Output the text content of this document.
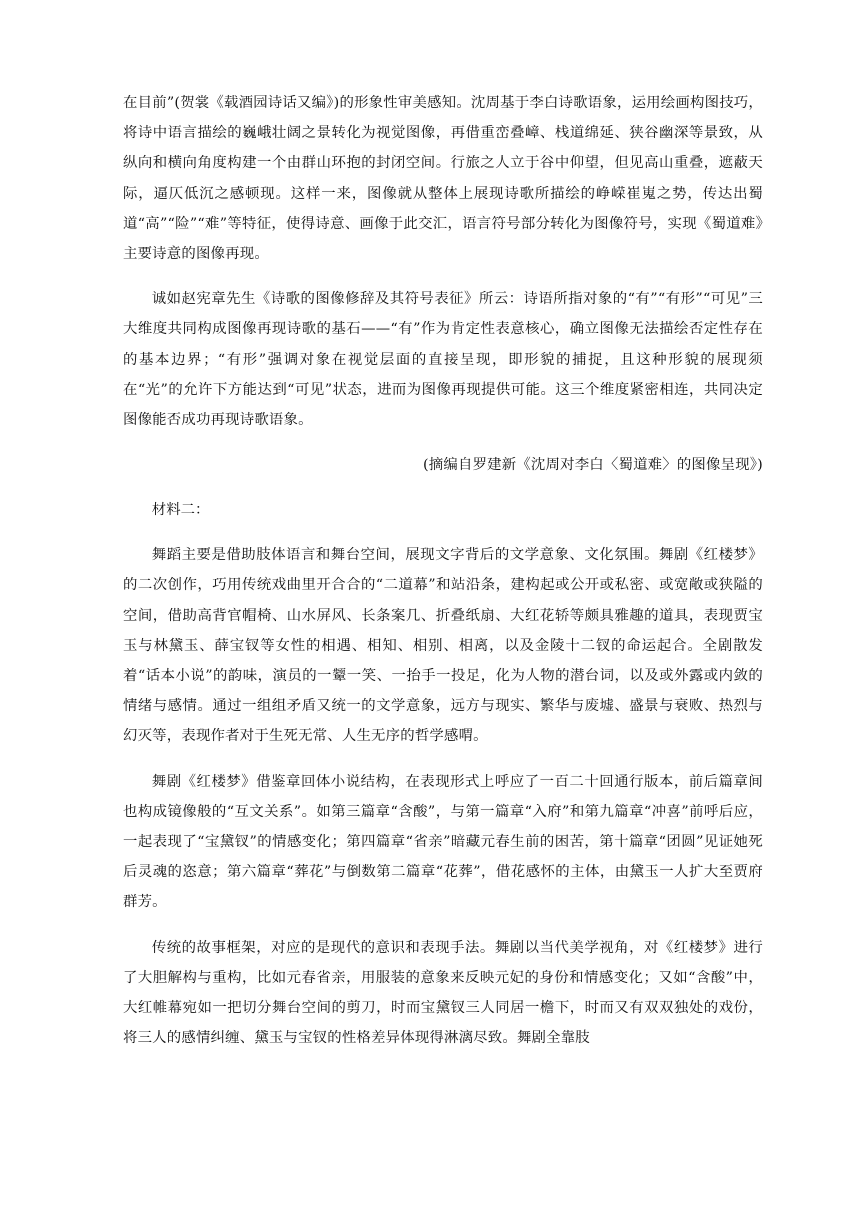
在目前”(贺裳《载酒园诗话又编》)的形象性审美感知。沈周基于李白诗歌语象，运用绘画构图技巧，将诗中语言描绘的巍峨壮阔之景转化为视觉图像，再借重峦叠嶂、栈道绵延、狭谷幽深等景致，从纵向和横向角度构建一个由群山环抱的封闭空间。行旅之人立于谷中仰望，但见高山重叠，遮蔽天际，逼仄低沉之感顿现。这样一来，图像就从整体上展现诗歌所描绘的峥嵘崔嵬之势，传达出蜀道“高”“险”“难”等特征，使得诗意、画像于此交汇，语言符号部分转化为图像符号，实现《蜀道难》主要诗意的图像再现。

诚如赵宪章先生《诗歌的图像修辞及其符号表征》所云：诗语所指对象的“有”“有形”“可见”三大维度共同构成图像再现诗歌的基石——“有”作为肯定性表意核心，确立图像无法描绘否定性存在的基本边界；“有形”强调对象在视觉层面的直接呈现，即形貌的捕捉，且这种形貌的展现须在“光”的允许下方能达到“可见”状态，进而为图像再现提供可能。这三个维度紧密相连，共同决定图像能否成功再现诗歌语象。

(摘编自罗建新《沈周对李白〈蜀道难〉的图像呈现》)

材料二：

舞蹈主要是借助肢体语言和舞台空间，展现文字背后的文学意象、文化氛围。舞剧《红楼梦》的二次创作，巧用传统戏曲里开合合的“二道幕”和站沿条，建构起或公开或私密、或宽敞或狭隘的空间，借助高背官帽椅、山水屏风、长条案几、折叠纸扇、大红花轿等颇具雅趣的道具，表现贾宝玉与林黛玉、薛宝钗等女性的相遇、相知、相别、相离，以及金陵十二钗的命运起合。全剧散发着“话本小说”的韵味，演员的一颦一笑、一抬手一投足，化为人物的潜台词，以及或外露或内敛的情绪与感情。通过一组组矛盾又统一的文学意象，远方与现实、繁华与废墟、盛景与衰败、热烈与幻灭等，表现作者对于生死无常、人生无序的哲学感喟。

舞剧《红楼梦》借鉴章回体小说结构，在表现形式上呼应了一百二十回通行版本，前后篇章间也构成镜像般的“互文关系”。如第三篇章“含酸”，与第一篇章“入府”和第九篇章“冲喜”前呼后应，一起表现了“宝黛钗”的情感变化；第四篇章“省亲”暗藏元春生前的困苦，第十篇章“团圆”见证她死后灵魂的恣意；第六篇章“葬花”与倒数第二篇章“花葬”，借花感怀的主体，由黛玉一人扩大至贾府群芳。

传统的故事框架，对应的是现代的意识和表现手法。舞剧以当代美学视角，对《红楼梦》进行了大胆解构与重构，比如元春省亲，用服装的意象来反映元妃的身份和情感变化；又如“含酸”中，大红帷幕宛如一把切分舞台空间的剪刀，时而宝黛钗三人同居一檐下，时而又有双双独处的戏份，将三人的感情纠缠、黛玉与宝钗的性格差异体现得淋漓尽致。舞剧全靠肢
